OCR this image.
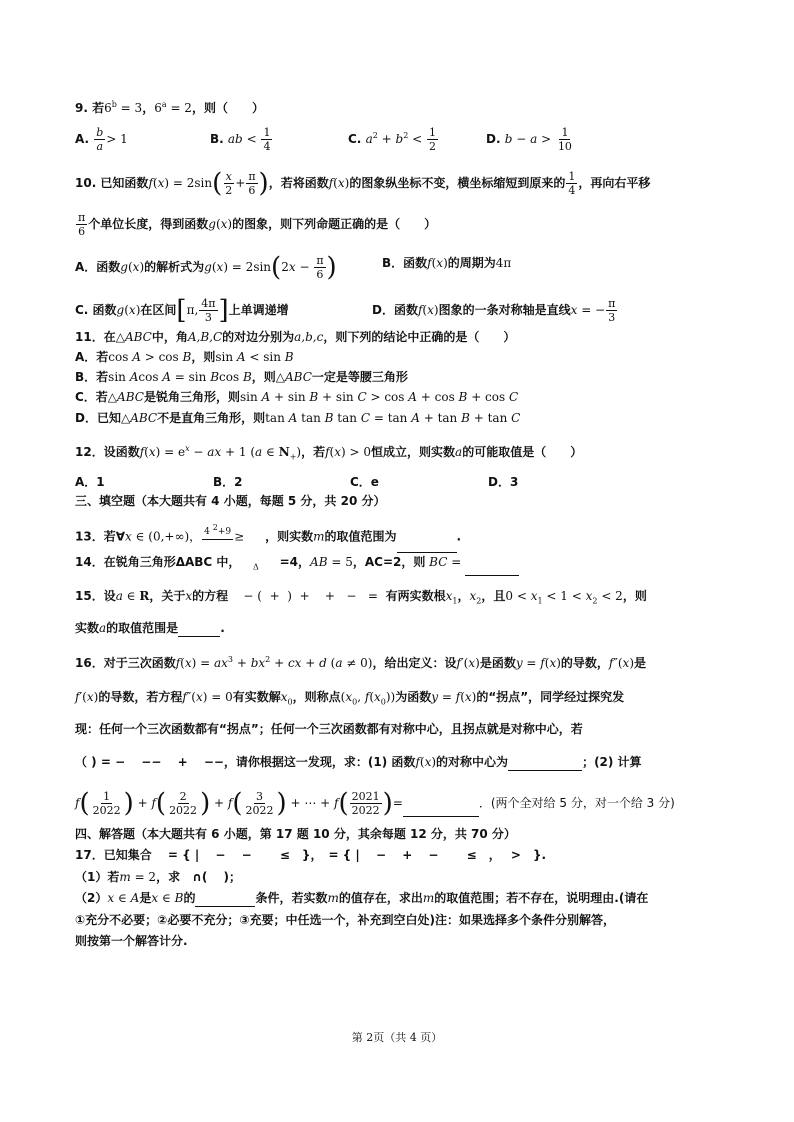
9. 若$6^b = 3$，$6^a = 2$，则（　　）
A. $\frac{b}{a} > 1$	B. ab < $\frac{1}{4}$	C. $a^2 + b^2 < \frac{1}{2}$	D. $b - a > \frac{1}{10}$
10. 已知函数$f(x) = 2\sin( \frac{x}{2} + \frac{\pi}{6}$ )，若将函数f(x)的图象纵坐标不变，横坐标缩短到原来的 $\frac{1}{4}$ ，再向右平移
$\frac{\pi}{6}$ 个单位长度，得到函数g(x)的图象，则下列命题正确的是（　　）
A．函数g(x)的解析式为$g(x) = 2\sin(2x - \frac{\pi}{6}$ )	B．函数f(x)的周期为4π
C. 函数g(x)在区间[π, $\frac{4\pi}{3}$ ]上单调递增	D．函数f(x)图象的一条对称轴是直线x = − $\frac{\pi}{3}$
11．在△ABC中，角A,B,C的对边分别为a,b,c，则下列的结论中正确的是（　　）
A．若cos A > cos B，则sin A < sin B
B．若sin Acos A = sin Bcos B，则△ABC一定是等腰三角形
C．若△ABC是锐角三角形，则sin A + sin B + sin C > cos A + cos B + cos C
D．已知△ABC不是直角三角形，则tan A tan B tan C = tan A + tan B + tan C
12．设函数$f(x) = e^x$ − ax + 1 (a ∈ $N_+$)，若f(x) > 0恒成立，则实数a的可能取值是（　　）
A．1	B．2	C．e	D．3
三、填空题（本大题共有 4 小题，每题 5 分，共 20 分）
13．若∀x ∈ (0,+∞)， 4 2+9
≥ ，则实数m的取值范围为	.
14．在锐角三角形ΔABC 中， $_\Delta$ =4，AB = 5，AC=2，则 BC =
15．设a ∈ R，关于x的方程    − (  +  )  +    +   −   =  有两实数根$x_1$，$x_2$，且$0 < x_1 < 1 < x_2 < 2$，则
实数a的取值范围是	.
16．对于三次函数$f(x) = ax^3 + bx^2$ + cx + d (a ≠ 0)，给出定义：设f′(x)是函数y = f(x)的导数，f″(x)是
f′(x)的导数，若方程f″(x) = 0有实数解$x_0$，则称点($x_0$, $f(x_0)$)为函数y = f(x)的“拐点”，同学经过探究发
现：任何一个三次函数都有“拐点”；任何一个三次函数都有对称中心，且拐点就是对称中心，若
（ ) = −　 −−　 +　 −−，请你根据这一发现，求：(1) 函数f(x)的对称中心为	；(2) 计算
$f( \frac{1}{2022}$ ) + $f( \frac{2}{2022}$ ) + $f( \frac{3}{2022}$ ) + ⋯ + $f( \frac{2021}{2022}$ )=	．(两个全对给 5 分，对一个给 3 分)
四、解答题（本大题共有 6 小题，第 17 题 10 分，其余每题 12 分，共 70 分）
17．已知集合　 = { |　 −　 −　　 ≤　}，　= { |　 −　 +　 −　　 ≤　，　 >　}.
（1）若m = 2，求　∩(　 )；
（2）x ∈ A是x ∈ B的	条件，若实数m的值存在，求出m的取值范围；若不存在，说明理由.(请在
①充分不必要；②必要不充分；③充要；中任选一个，补充到空白处)注：如果选择多个条件分别解答，
则按第一个解答计分.
第 2页（共 4 页）
